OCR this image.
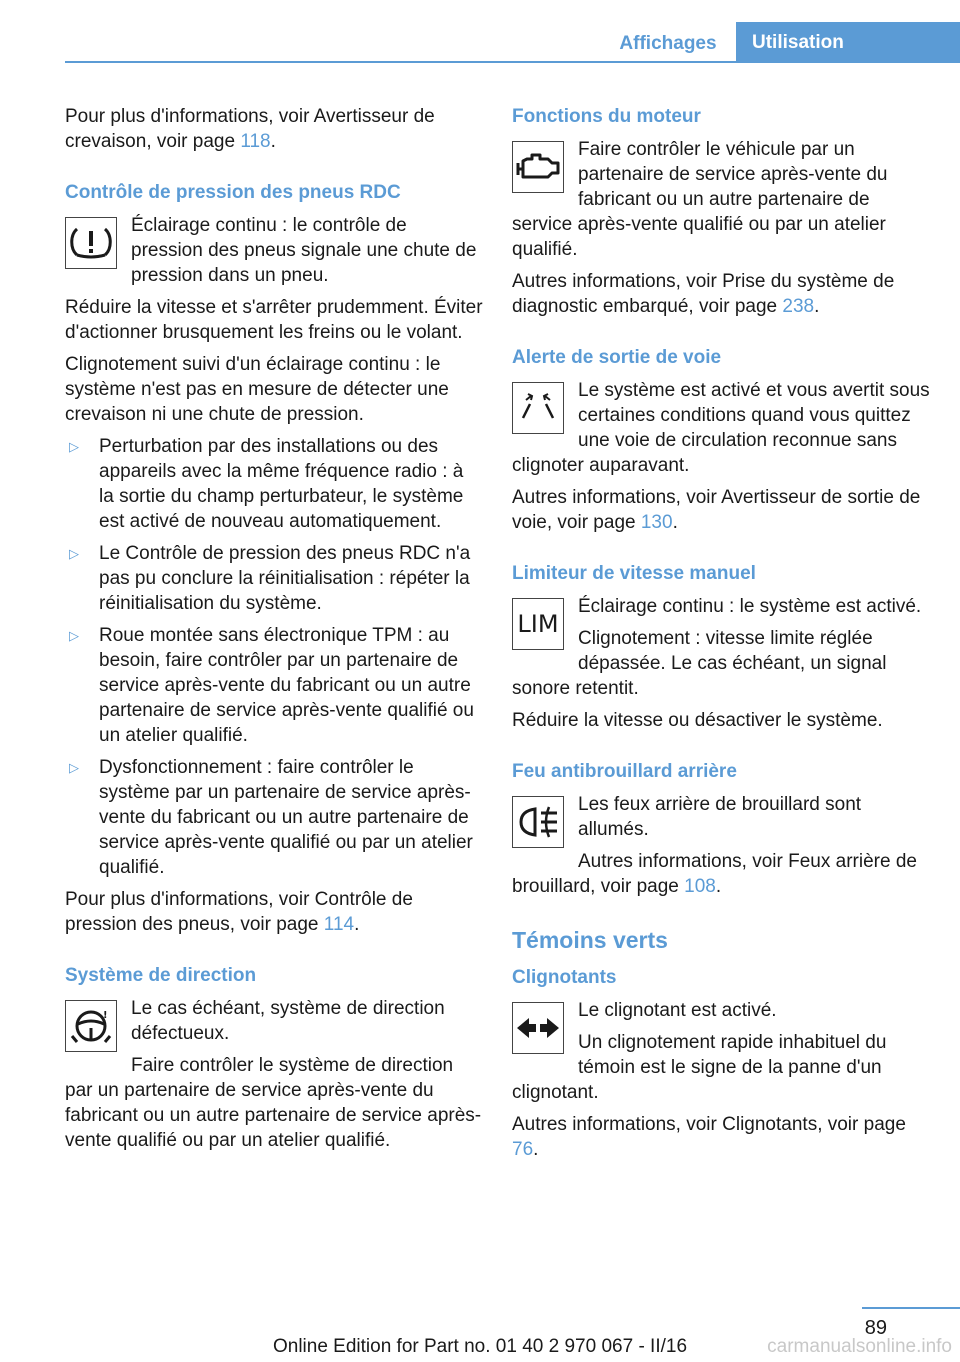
Affichages	Utilisation

Pour plus d'informations, voir Avertisseur de crevaison, voir page 118.

Contrôle de pression des pneus RDC

Éclairage continu : le contrôle de pression des pneus signale une chute de pression dans un pneu.

Réduire la vitesse et s'arrêter prudemment. Éviter d'actionner brusquement les freins ou le volant.

Clignotement suivi d'un éclairage continu : le système n'est pas en mesure de détecter une crevaison ni une chute de pression.

▷ Perturbation par des installations ou des appareils avec la même fréquence radio : à la sortie du champ perturbateur, le système est activé de nouveau automatiquement.
▷ Le Contrôle de pression des pneus RDC n'a pas pu conclure la réinitialisation : répéter la réinitialisation du système.
▷ Roue montée sans électronique TPM : au besoin, faire contrôler par un partenaire de service après-vente du fabricant ou un autre partenaire de service après-vente qualifié ou un atelier qualifié.
▷ Dysfonctionnement : faire contrôler le système par un partenaire de service après-vente du fabricant ou un autre partenaire de service après-vente qualifié ou par un atelier qualifié.

Pour plus d'informations, voir Contrôle de pression des pneus, voir page 114.

Système de direction
!	Le cas échéant, système de direction défectueux.

Faire contrôler le système de direction par un partenaire de service après-vente du fabricant ou un autre partenaire de service après-vente qualifié ou par un atelier qualifié.

Fonctions du moteur

Faire contrôler le véhicule par un partenaire de service après-vente du fabricant ou un autre partenaire de service après-vente qualifié ou par un atelier qualifié.

Autres informations, voir Prise du système de diagnostic embarqué, voir page 238.

Alerte de sortie de voie

Le système est activé et vous avertit sous certaines conditions quand vous quittez une voie de circulation reconnue sans clignoter auparavant.

Autres informations, voir Avertisseur de sortie de voie, voir page 130.

Limiteur de vitesse manuel
LIM

Éclairage continu : le système est activé.

Clignotement : vitesse limite réglée dépassée. Le cas échéant, un signal sonore retentit.

Réduire la vitesse ou désactiver le système.

Feu antibrouillard arrière

Les feux arrière de brouillard sont allumés.

Autres informations, voir Feux arrière de brouillard, voir page 108.

Témoins verts
Clignotants

Le clignotant est activé.

Un clignotement rapide inhabituel du témoin est le signe de la panne d'un clignotant.

Autres informations, voir Clignotants, voir page 76.

89
Online Edition for Part no. 01 40 2 970 067 - II/16	carmanualsonline.info
